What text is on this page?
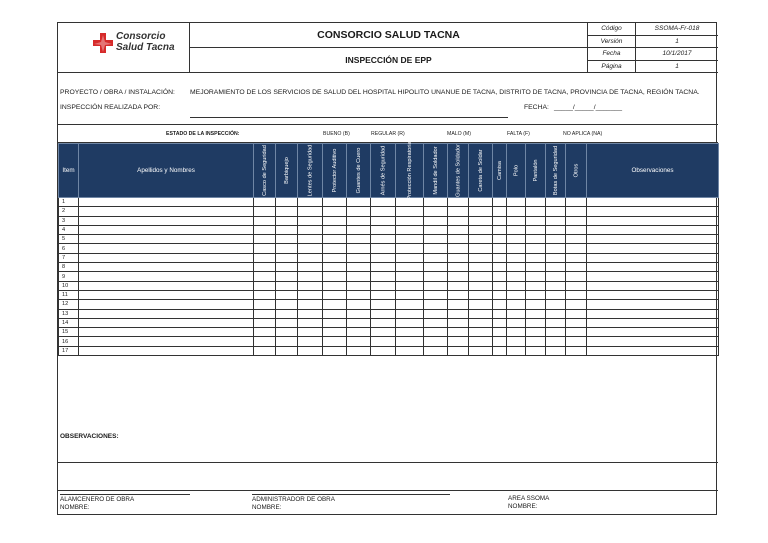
Consorcio
Salud Tacna
CONSORCIO SALUD TACNA
INSPECCIÓN DE EPP
Código	SSOMA-Fr-018
Versión	1
Fecha	10/1/2017
Página	1
PROYECTO / OBRA / INSTALACIÓN: MEJORAMIENTO DE LOS SERVICIOS DE SALUD DEL HOSPITAL HIPOLITO UNANUE DE TACNA, DISTRITO DE TACNA, PROVINCIA DE TACNA, REGIÓN TACNA.
INSPECCIÓN REALIZADA POR:	FECHA: _____/_____/_______
ESTADO DE LA INSPECCIÓN:	BUENO (B)	REGULAR (R)	MALO (M)	FALTA (F)	NO APLICA (NA)
Item	Apellidos y Nombres	Casco de Seguridad	Barbiquejo	Lentes de Seguridad	Protector Auditivo	Guantes de Cuero	Arnés de Seguridad	Protección Respiratoria	Mandil de Soldador	Guantes de Soldador	Careta de Soldar	Camisa	Polo	Pantalón	Botas de Seguridad	Otros	Observaciones
1																	
2																	
3																	
4																	
5																	
6																	
7																	
8																	
9																	
10																	
11																	
12																	
13																	
14																	
15																	
16																	
17																	
OBSERVACIONES:
ALAMCENERO DE OBRA
NOMBRE:
ADMINISTRADOR DE OBRA
NOMBRE:
AREA SSOMA
NOMBRE:
